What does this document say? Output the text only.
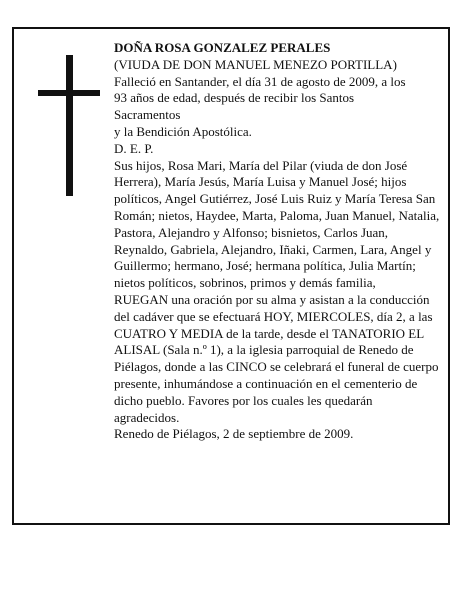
DOÑA ROSA GONZALEZ PERALES

(VIUDA DE DON MANUEL MENEZO PORTILLA)

Falleció en Santander, el día 31 de agosto de 2009, a los

93 años de edad, después de recibir los Santos

Sacramentos

y la Bendición Apostólica.

D. E. P.

Sus hijos, Rosa Mari, María del Pilar (viuda de don José Herrera), María Jesús, María Luisa y Manuel José; hijos políticos, Angel Gutiérrez, José Luis Ruiz y María Teresa San Román; nietos, Haydee, Marta, Paloma, Juan Manuel, Natalia, Pastora, Alejandro y Alfonso; bisnietos, Carlos Juan, Reynaldo, Gabriela, Alejandro, Iñaki, Carmen, Lara, Angel y Guillermo; hermano, José; hermana política, Julia Martín; nietos políticos, sobrinos, primos y demás familia,

RUEGAN una oración por su alma y asistan a la conducción del cadáver que se efectuará HOY, MIERCOLES, día 2, a las CUATRO Y MEDIA de la tarde, desde el TANATORIO EL ALISAL (Sala n.º 1), a la iglesia parroquial de Renedo de Piélagos, donde a las CINCO se celebrará el funeral de cuerpo presente, inhumándose a continuación en el cementerio de dicho pueblo. Favores por los cuales les quedarán agradecidos.

Renedo de Piélagos, 2 de septiembre de 2009.
